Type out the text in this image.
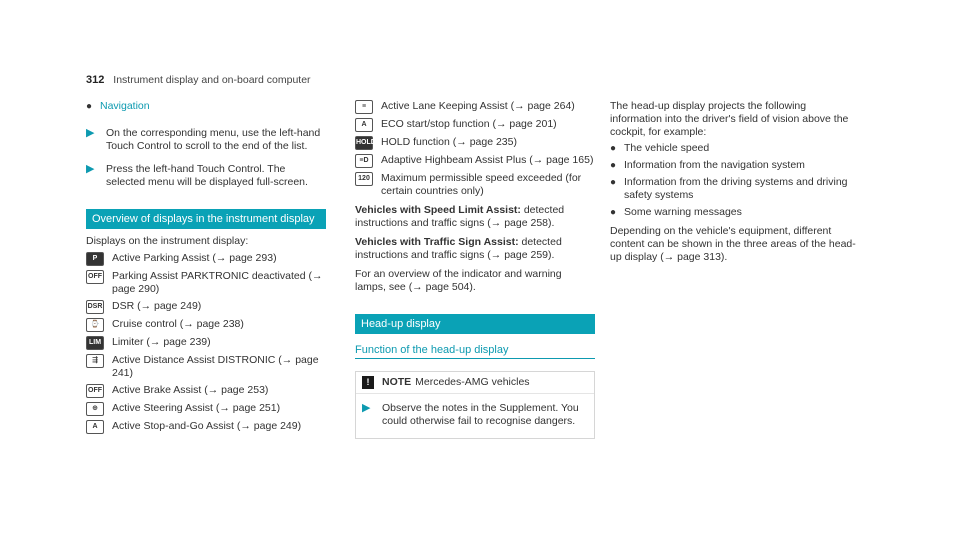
312 Instrument display and on-board computer
● Navigation
▶	On the corresponding menu, use the left-hand Touch Control to scroll to the end of the list.
▶	Press the left-hand Touch Control. The selected menu will be displayed full-screen.
Overview of displays in the instrument display
Displays on the instrument display:
P	Active Parking Assist (→ page 293)
OFF Parking Assist PARKTRONIC deactivated (→ page 290)
DSR DSR (→ page 249)
⌚	Cruise control (→ page 238)
LIM Limiter (→ page 239)
⇶	Active Distance Assist DISTRONIC (→ page 241)
OFF Active Brake Assist (→ page 253)
⊕	Active Steering Assist (→ page 251)
A	Active Stop-and-Go Assist (→ page 249)
≡	Active Lane Keeping Assist (→ page 264)
A	ECO start/stop function (→ page 201)
HOLD HOLD function (→ page 235)
≡D	Adaptive Highbeam Assist Plus (→ page 165)
120	Maximum permissible speed exceeded (for certain countries only)
Vehicles with Speed Limit Assist: detected instructions and traffic signs (→ page 258).
Vehicles with Traffic Sign Assist: detected instructions and traffic signs (→ page 259).
For an overview of the indicator and warning lamps, see (→ page 504).
Head-up display
Function of the head-up display
!	NOTE Mercedes-AMG vehicles
▶	Observe the notes in the Supplement. You could otherwise fail to recognise dangers.
The head-up display projects the following information into the driver's field of vision above the cockpit, for example:
● The vehicle speed
● Information from the navigation system
● Information from the driving systems and driving safety systems
● Some warning messages
Depending on the vehicle's equipment, different content can be shown in the three areas of the head-up display (→ page 313).
